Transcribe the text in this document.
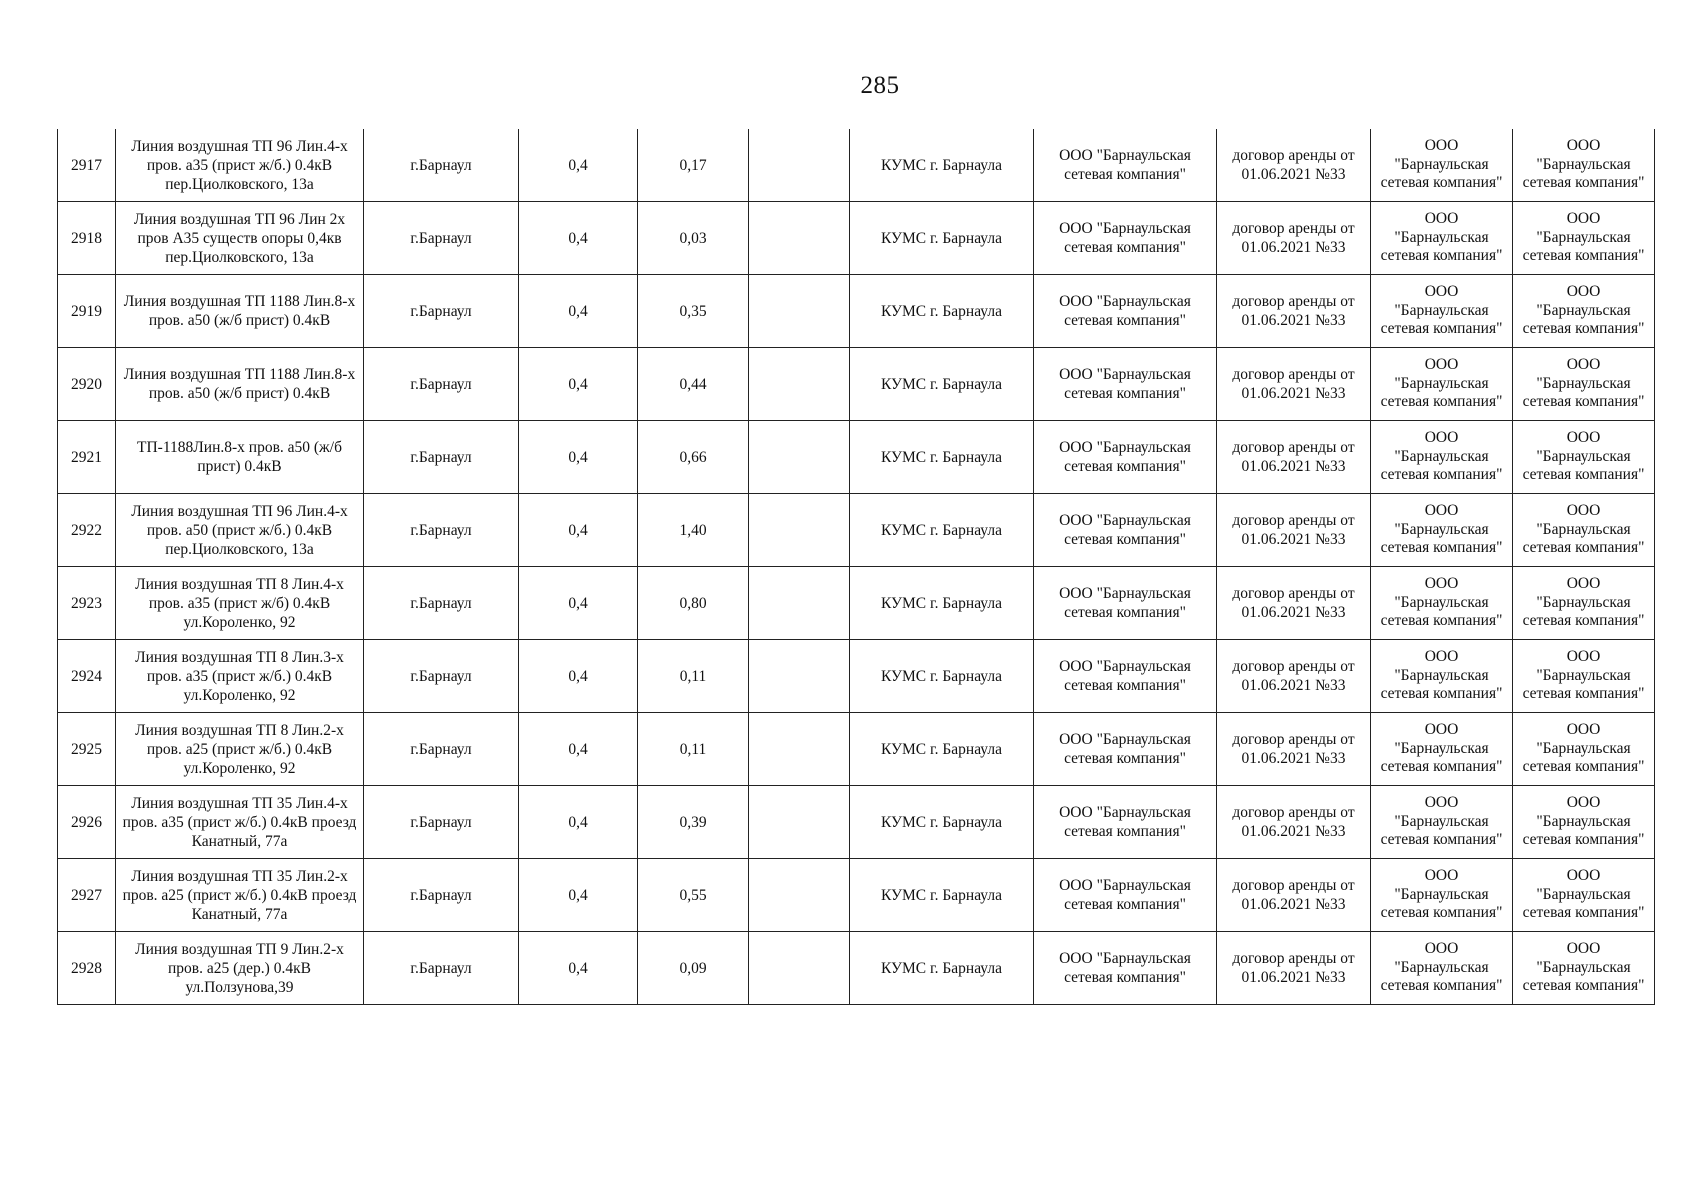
285
2917	Линия воздушная ТП 96 Лин.4-х пров. а35 (прист ж/б.) 0.4кВ пер.Циолковского, 13а	г.Барнаул	0,4	0,17		КУМС г. Барнаула	ООО "Барнаульская сетевая компания"	договор аренды от 01.06.2021 №33	ООО "Барнаульская сетевая компания"	ООО "Барнаульская сетевая компания"

2918	Линия воздушная ТП 96 Лин 2х пров А35 существ опоры 0,4кв пер.Циолковского, 13а	г.Барнаул	0,4	0,03		КУМС г. Барнаула	ООО "Барнаульская сетевая компания"	договор аренды от 01.06.2021 №33	ООО "Барнаульская сетевая компания"	ООО "Барнаульская сетевая компания"

2919	Линия воздушная ТП 1188 Лин.8-х пров. а50 (ж/б прист) 0.4кВ	г.Барнаул	0,4	0,35		КУМС г. Барнаула	ООО "Барнаульская сетевая компания"	договор аренды от 01.06.2021 №33	ООО "Барнаульская сетевая компания"	ООО "Барнаульская сетевая компания"

2920	Линия воздушная ТП 1188 Лин.8-х пров. а50 (ж/б прист) 0.4кВ	г.Барнаул	0,4	0,44		КУМС г. Барнаула	ООО "Барнаульская сетевая компания"	договор аренды от 01.06.2021 №33	ООО "Барнаульская сетевая компания"	ООО "Барнаульская сетевая компания"

2921	ТП-1188Лин.8-х пров. а50 (ж/б прист) 0.4кВ	г.Барнаул	0,4	0,66		КУМС г. Барнаула	ООО "Барнаульская сетевая компания"	договор аренды от 01.06.2021 №33	ООО "Барнаульская сетевая компания"	ООО "Барнаульская сетевая компания"

2922	Линия воздушная ТП 96 Лин.4-х пров. а50 (прист ж/б.) 0.4кВ пер.Циолковского, 13а	г.Барнаул	0,4	1,40		КУМС г. Барнаула	ООО "Барнаульская сетевая компания"	договор аренды от 01.06.2021 №33	ООО "Барнаульская сетевая компания"	ООО "Барнаульская сетевая компания"

2923	Линия воздушная ТП 8 Лин.4-х пров. а35 (прист ж/б) 0.4кВ ул.Короленко, 92	г.Барнаул	0,4	0,80		КУМС г. Барнаула	ООО "Барнаульская сетевая компания"	договор аренды от 01.06.2021 №33	ООО "Барнаульская сетевая компания"	ООО "Барнаульская сетевая компания"

2924	Линия воздушная ТП 8 Лин.3-х пров. а35 (прист ж/б.) 0.4кВ ул.Короленко, 92	г.Барнаул	0,4	0,11		КУМС г. Барнаула	ООО "Барнаульская сетевая компания"	договор аренды от 01.06.2021 №33	ООО "Барнаульская сетевая компания"	ООО "Барнаульская сетевая компания"

2925	Линия воздушная ТП 8 Лин.2-х пров. а25 (прист ж/б.) 0.4кВ ул.Короленко, 92	г.Барнаул	0,4	0,11		КУМС г. Барнаула	ООО "Барнаульская сетевая компания"	договор аренды от 01.06.2021 №33	ООО "Барнаульская сетевая компания"	ООО "Барнаульская сетевая компания"

2926	Линия воздушная ТП 35 Лин.4-х пров. а35 (прист ж/б.) 0.4кВ проезд Канатный, 77а	г.Барнаул	0,4	0,39		КУМС г. Барнаула	ООО "Барнаульская сетевая компания"	договор аренды от 01.06.2021 №33	ООО "Барнаульская сетевая компания"	ООО "Барнаульская сетевая компания"

2927	Линия воздушная ТП 35 Лин.2-х пров. а25 (прист ж/б.) 0.4кВ проезд Канатный, 77а	г.Барнаул	0,4	0,55		КУМС г. Барнаула	ООО "Барнаульская сетевая компания"	договор аренды от 01.06.2021 №33	ООО "Барнаульская сетевая компания"	ООО "Барнаульская сетевая компания"

2928	Линия воздушная ТП 9 Лин.2-х пров. а25 (дер.) 0.4кВ ул.Ползунова,39	г.Барнаул	0,4	0,09		КУМС г. Барнаула	ООО "Барнаульская сетевая компания"	договор аренды от 01.06.2021 №33	ООО "Барнаульская сетевая компания"	ООО "Барнаульская сетевая компания"
